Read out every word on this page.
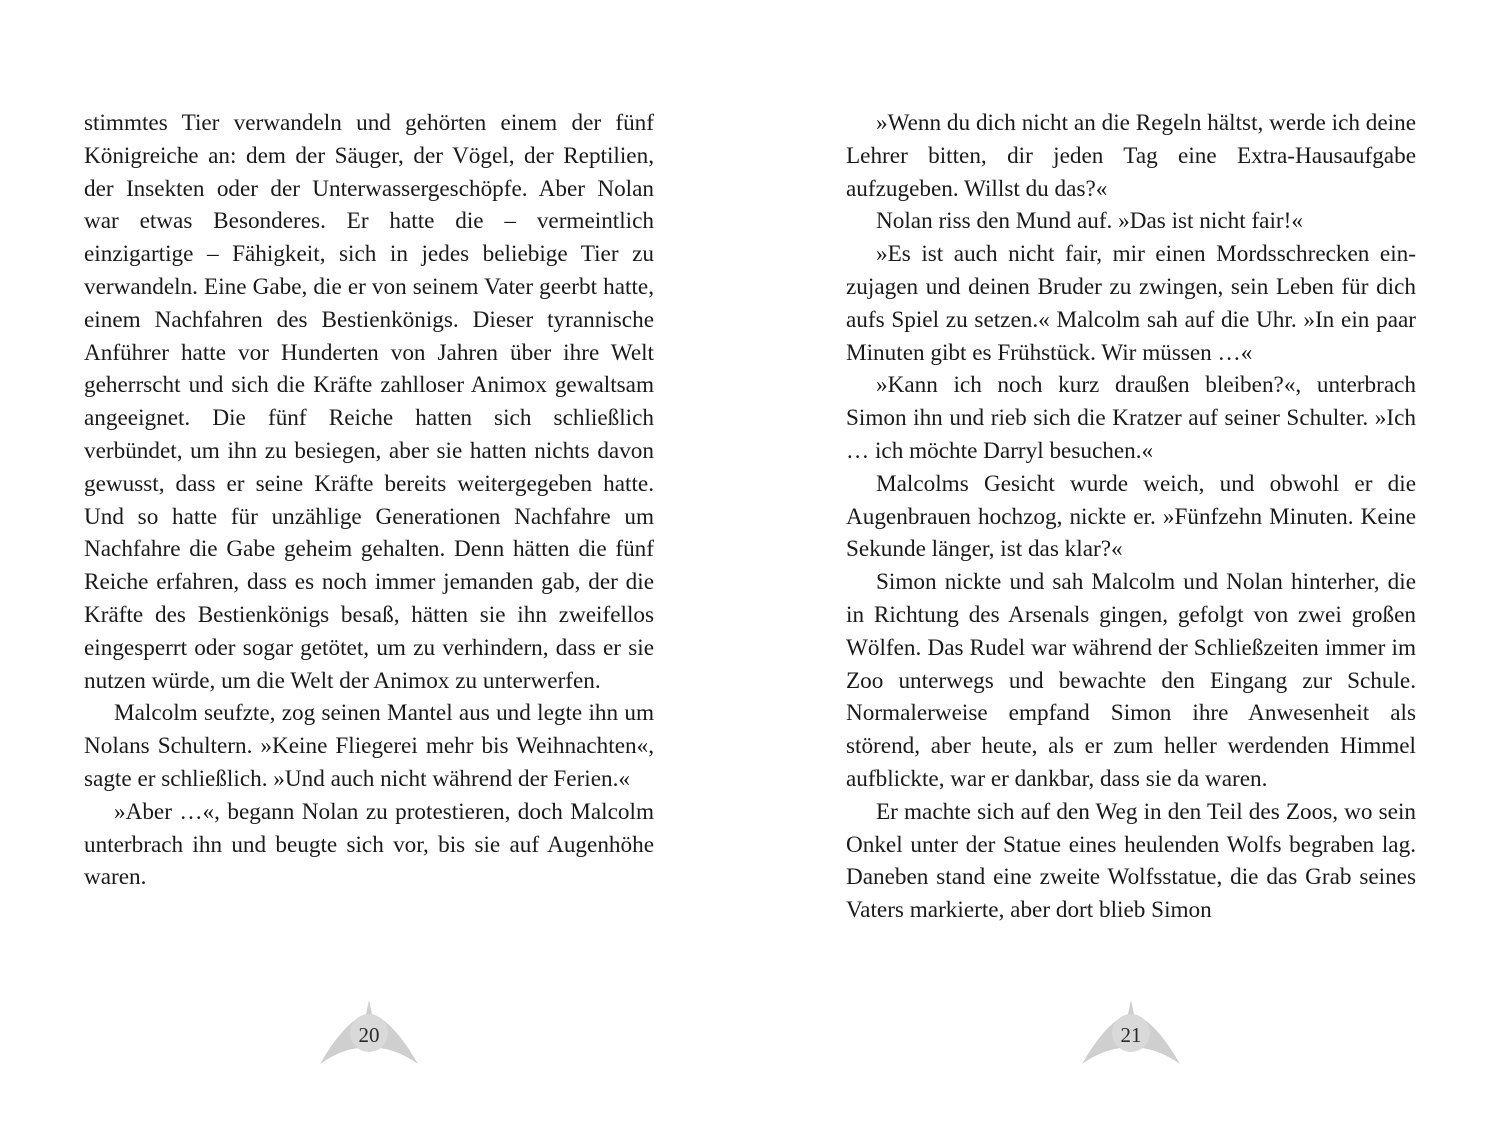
stimmtes Tier verwandeln und gehörten einem der fünf Königreiche an: dem der Säuger, der Vögel, der Reptilien, der Insekten oder der Unterwassergeschöpfe. Aber Nolan war etwas Besonderes. Er hatte die – vermeintlich einzigartige – Fähigkeit, sich in jedes beliebige Tier zu verwandeln. Eine Gabe, die er von seinem Vater geerbt hatte, einem Nachfahren des Bestienkönigs. Dieser tyrannische Anführer hatte vor Hunderten von Jahren über ihre Welt geherrscht und sich die Kräfte zahlloser Animox gewaltsam angeeignet. Die fünf Reiche hatten sich schließlich verbündet, um ihn zu besiegen, aber sie hatten nichts davon gewusst, dass er seine Kräfte bereits weitergegeben hatte. Und so hatte für unzählige Generationen Nachfahre um Nachfahre die Gabe geheim gehalten. Denn hätten die fünf Reiche erfahren, dass es noch immer jemanden gab, der die Kräfte des Bestienkönigs besaß, hätten sie ihn zweifellos eingesperrt oder sogar getötet, um zu verhindern, dass er sie nutzen würde, um die Welt der Animox zu unterwerfen.

Malcolm seufzte, zog seinen Mantel aus und legte ihn um Nolans Schultern. »Keine Fliegerei mehr bis Weihnachten«, sagte er schließlich. »Und auch nicht während der Ferien.«

»Aber …«, begann Nolan zu protestieren, doch Malcolm unterbrach ihn und beugte sich vor, bis sie auf Augenhöhe waren.

20

»Wenn du dich nicht an die Regeln hältst, werde ich deine Lehrer bitten, dir jeden Tag eine Extra-Hausaufgabe aufzugeben. Willst du das?«

Nolan riss den Mund auf. »Das ist nicht fair!«

»Es ist auch nicht fair, mir einen Mordsschrecken einzujagen und deinen Bruder zu zwingen, sein Leben für dich aufs Spiel zu setzen.« Malcolm sah auf die Uhr. »In ein paar Minuten gibt es Frühstück. Wir müssen …«

»Kann ich noch kurz draußen bleiben?«, unterbrach Simon ihn und rieb sich die Kratzer auf seiner Schulter. »Ich … ich möchte Darryl besuchen.«

Malcolms Gesicht wurde weich, und obwohl er die Augenbrauen hochzog, nickte er. »Fünfzehn Minuten. Keine Sekunde länger, ist das klar?«

Simon nickte und sah Malcolm und Nolan hinterher, die in Richtung des Arsenals gingen, gefolgt von zwei großen Wölfen. Das Rudel war während der Schließzeiten immer im Zoo unterwegs und bewachte den Eingang zur Schule. Normalerweise empfand Simon ihre Anwesenheit als störend, aber heute, als er zum heller werdenden Himmel aufblickte, war er dankbar, dass sie da waren.

Er machte sich auf den Weg in den Teil des Zoos, wo sein Onkel unter der Statue eines heulenden Wolfs begraben lag. Daneben stand eine zweite Wolfsstatue, die das Grab seines Vaters markierte, aber dort blieb Simon

21
